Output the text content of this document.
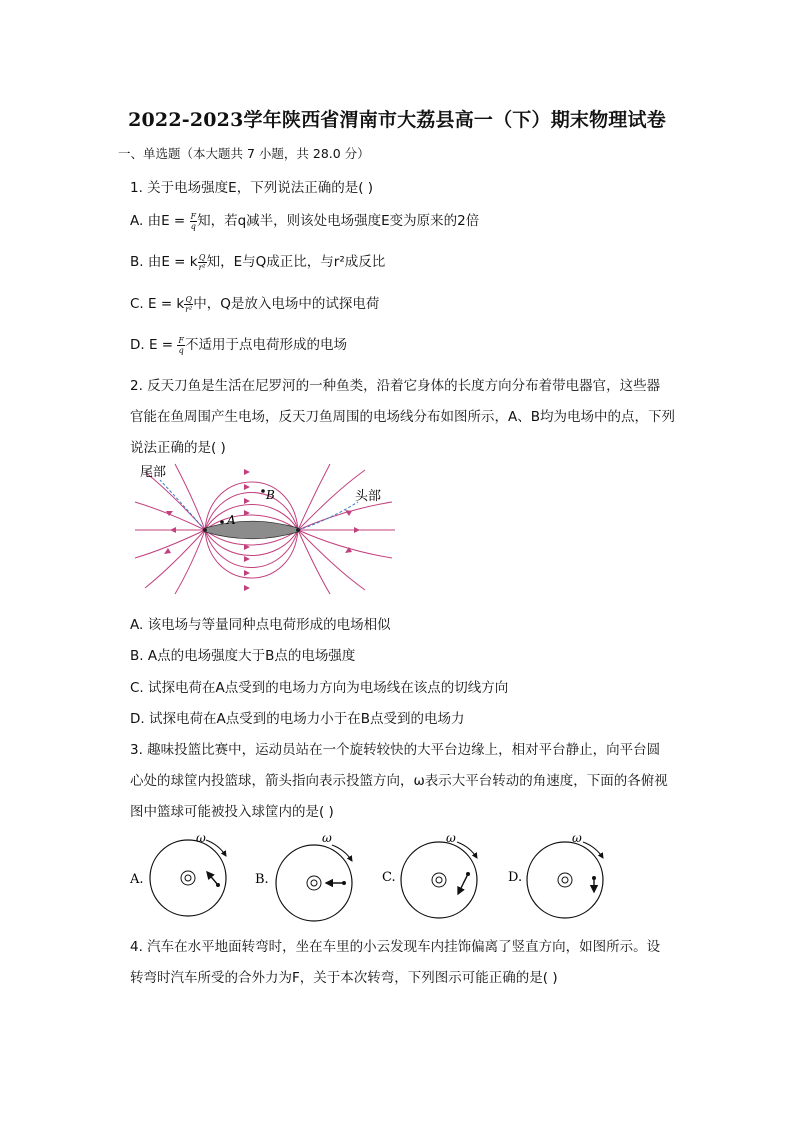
2022-2023学年陕西省渭南市大荔县高一（下）期末物理试卷
一、单选题（本大题共 7 小题，共 28.0 分）
1. 关于电场强度E，下列说法正确的是( )
A. 由$E = \frac{F}{q}$ 知，若q减半，则该处电场强度E变为原来的2倍
B. 由E = k $\frac{Q}{\text{r²}}$ 知，E与Q成正比，与r²成反比
C. E = k $\frac{Q}{\text{r²}}$ 中，Q是放入电场中的试探电荷
D. $E = \frac{F}{q}$ 不适用于点电荷形成的电场
2. 反天刀鱼是生活在尼罗河的一种鱼类，沿着它身体的长度方向分布着带电器官，这些器
官能在鱼周围产生电场，反天刀鱼周围的电场线分布如图所示，A、B均为电场中的点，下列
说法正确的是( )
A
B
尾部
头部
A. 该电场与等量同种点电荷形成的电场相似
B. A点的电场强度大于B点的电场强度
C. 试探电荷在A点受到的电场力方向为电场线在该点的切线方向
D. 试探电荷在A点受到的电场力小于在B点受到的电场力
3. 趣味投篮比赛中，运动员站在一个旋转较快的大平台边缘上，相对平台静止，向平台圆
心处的球筐内投篮球，箭头指向表示投篮方向，ω表示大平台转动的角速度，下面的各俯视
图中篮球可能被投入球筐内的是( )
A.
ω
B.
ω
C.
ω
D.
ω
4. 汽车在水平地面转弯时，坐在车里的小云发现车内挂饰偏离了竖直方向，如图所示。设
转弯时汽车所受的合外力为F，关于本次转弯，下列图示可能正确的是( )
